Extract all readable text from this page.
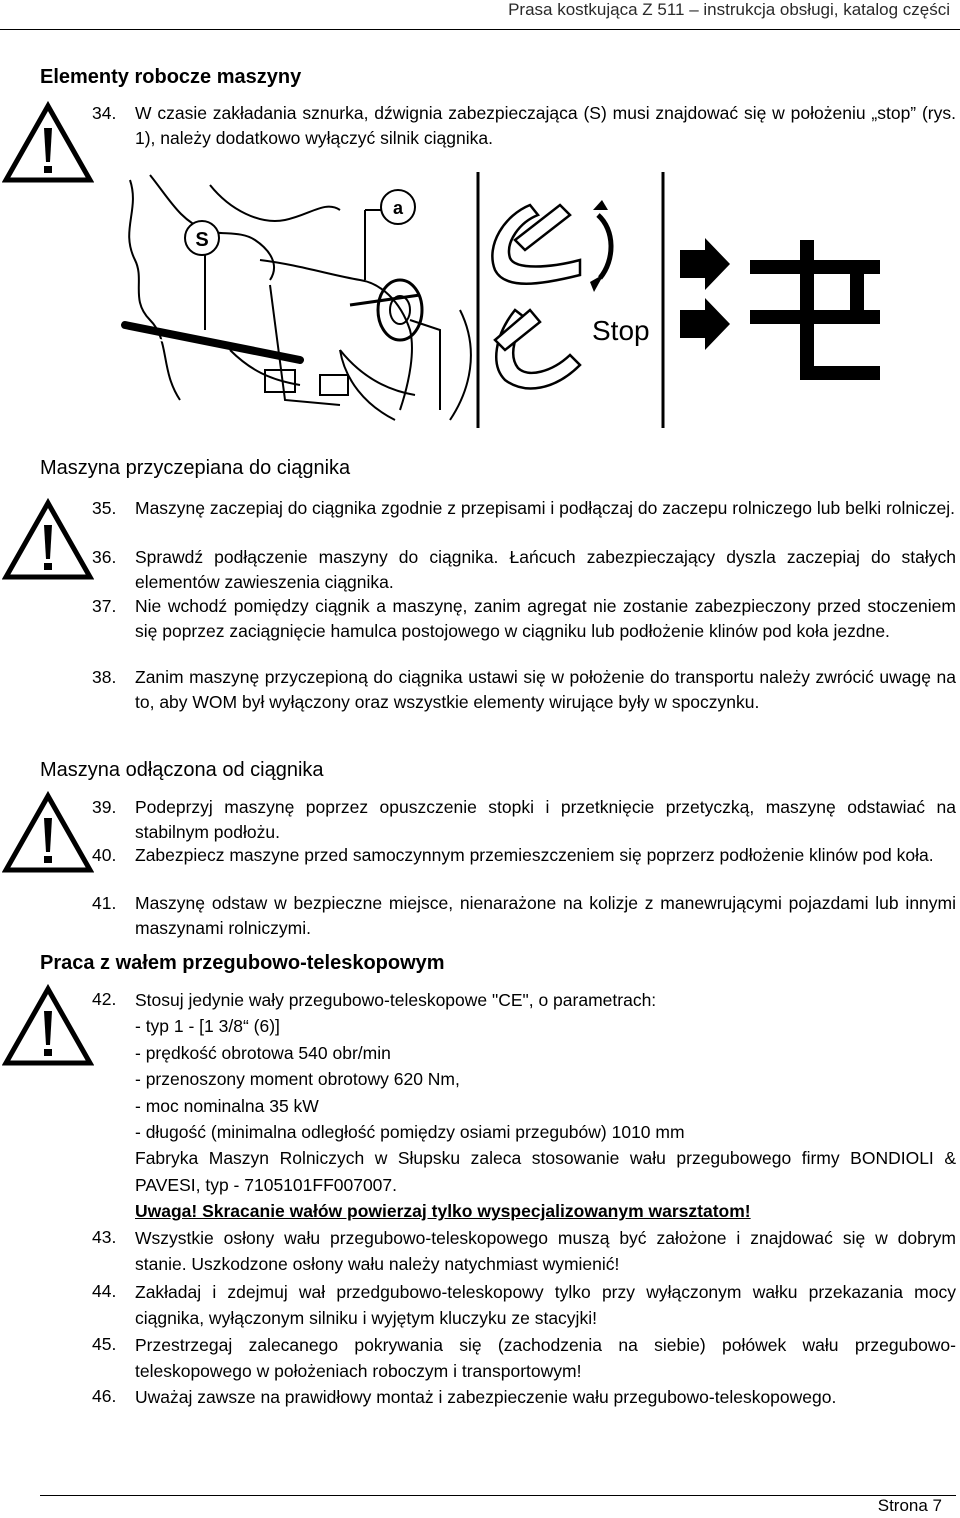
Prasa kostkująca Z 511 – instrukcja obsługi, katalog części
Elementy robocze maszyny
34. W czasie zakładania sznurka, dźwignia zabezpieczająca (S) musi znajdować się w położeniu „stop” (rys. 1), należy dodatkowo wyłączyć silnik ciągnika.
S
a
Stop
Maszyna przyczepiana do ciągnika
35. Maszynę zaczepiaj do ciągnika zgodnie z przepisami i podłączaj do zaczepu rolniczego lub belki rolniczej.
36. Sprawdź podłączenie maszyny do ciągnika. Łańcuch zabezpieczający dyszla zaczepiaj do stałych elementów zawieszenia ciągnika.
37. Nie wchodź pomiędzy ciągnik a maszynę, zanim agregat nie zostanie zabezpieczony przed stoczeniem się poprzez zaciągnięcie hamulca postojowego w ciągniku lub podłożenie klinów pod koła jezdne.
38. Zanim maszynę przyczepioną do ciągnika ustawi się w położenie do transportu należy zwrócić uwagę na to, aby WOM był wyłączony oraz wszystkie elementy wirujące były w spoczynku.
Maszyna odłączona od ciągnika
39. Podeprzyj maszynę poprzez opuszczenie stopki i przetknięcie przetyczką, maszynę odstawiać na stabilnym podłożu.
40. Zabezpiecz maszyne przed samoczynnym przemieszczeniem się poprzerz podłożenie klinów pod koła.
41. Maszynę odstaw w bezpieczne miejsce, nienarażone na kolizje z manewrującymi pojazdami lub innymi maszynami rolniczymi.
Praca z wałem przegubowo-teleskopowym
42. Stosuj jedynie wały przegubowo-teleskopowe "CE", o parametrach:
- typ 1 - [1 3/8“ (6)]
- prędkość obrotowa 540 obr/min
- przenoszony moment obrotowy 620 Nm,
- moc nominalna 35 kW
- długość (minimalna odległość pomiędzy osiami przegubów) 1010 mm
Fabryka Maszyn Rolniczych w Słupsku zaleca stosowanie wału przegubowego firmy BONDIOLI & PAVESI, typ - 7105101FF007007.
Uwaga! Skracanie wałów powierzaj tylko wyspecjalizowanym warsztatom!
43. Wszystkie osłony wału przegubowo-teleskopowego muszą być założone i znajdować się w dobrym stanie. Uszkodzone osłony wału należy natychmiast wymienić!
44. Zakładaj i zdejmuj wał przedgubowo-teleskopowy tylko przy wyłączonym wałku przekazania mocy ciągnika, wyłączonym silniku i wyjętym kluczyku ze stacyjki!
45. Przestrzegaj zalecanego pokrywania się (zachodzenia na siebie) połówek wału przegubowo-teleskopowego w położeniach roboczym i transportowym!
46. Uważaj zawsze na prawidłowy montaż i zabezpieczenie wału przegubowo-teleskopowego.
Strona 7
